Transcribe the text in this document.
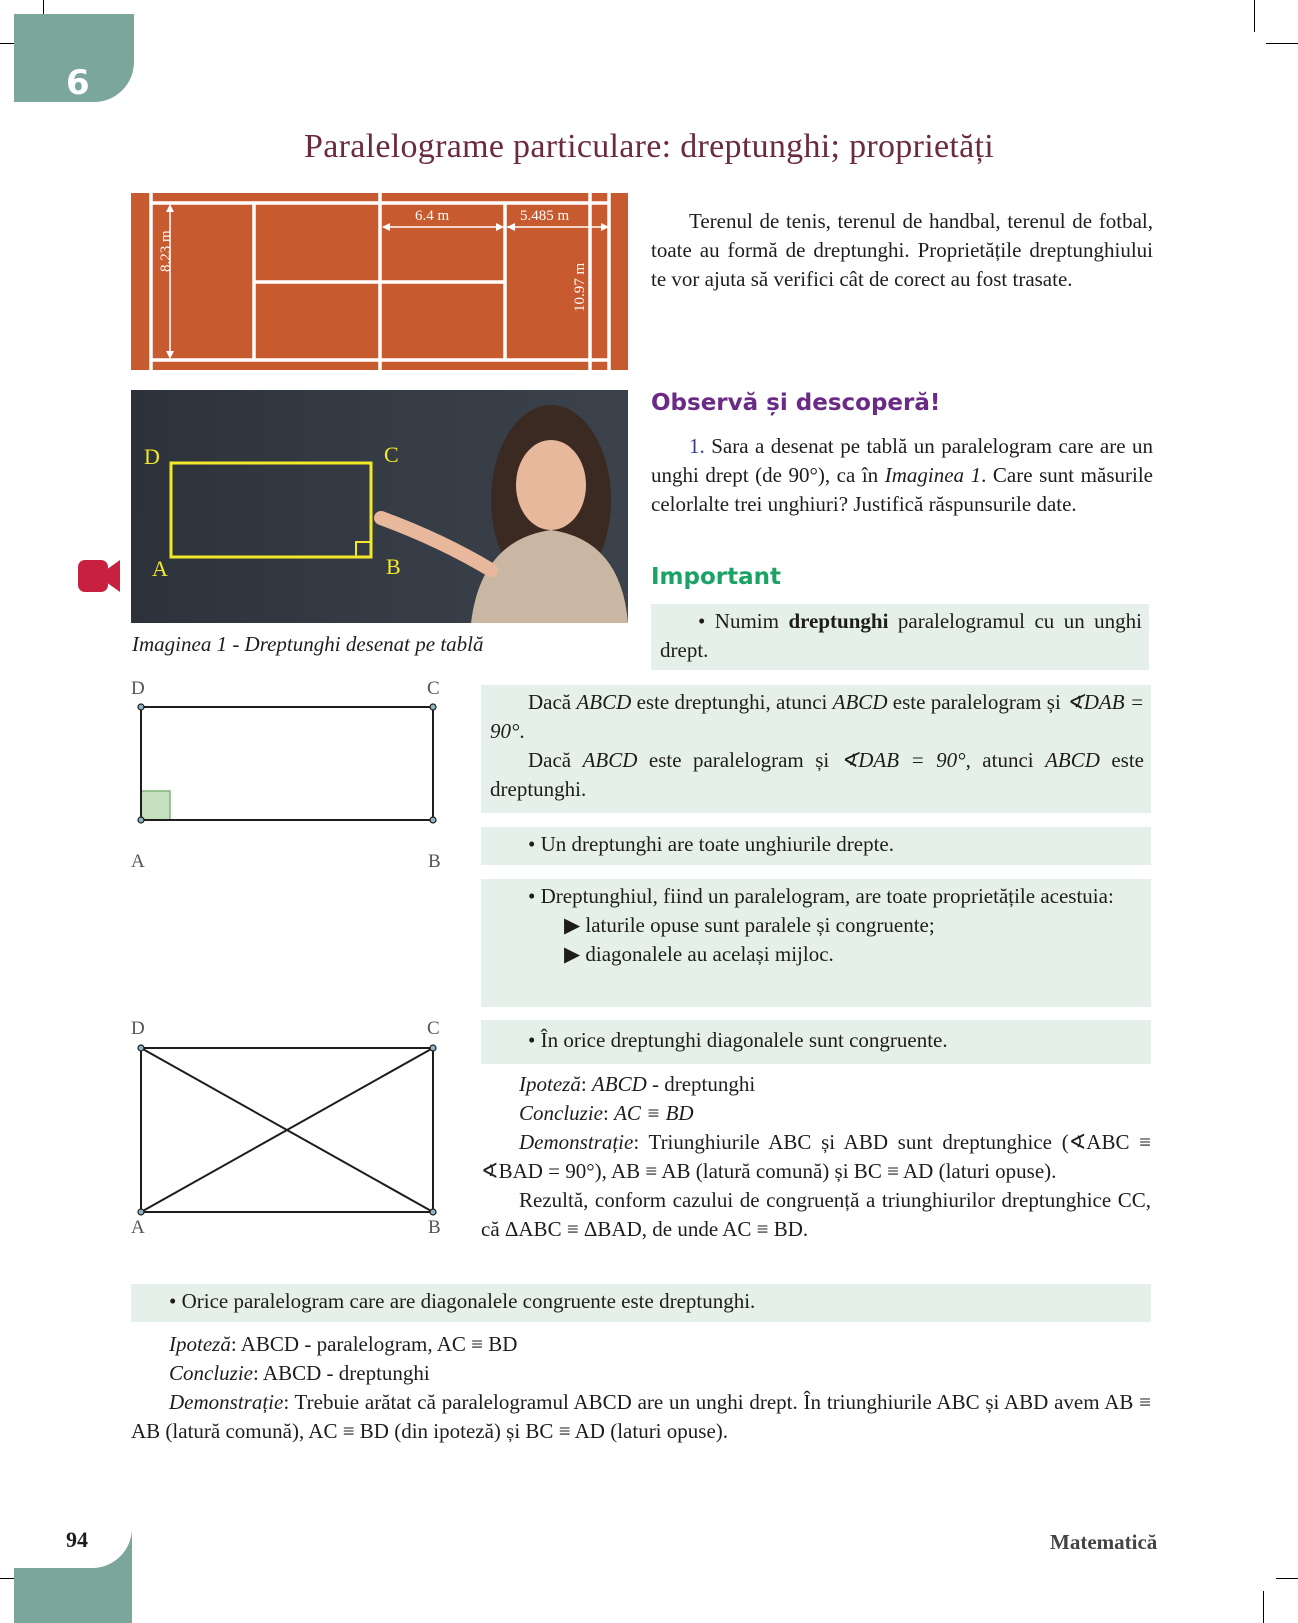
6
Paralelograme particulare: dreptunghi; proprietăți
6.4 m	5.485 m
8.23 m
10.97 m
Terenul de tenis, terenul de handbal, terenul de fotbal, toate au formă de dreptunghi. Proprietățile dreptunghiului te vor ajuta să verifici cât de corect au fost trasate.
D	C
A	B
Imaginea 1 - Dreptunghi desenat pe tablă
Observă și descoperă!
1. Sara a desenat pe tablă un paralelogram care are un unghi drept (de 90°), ca în Imaginea 1. Care sunt măsurile celorlalte trei unghiuri? Justifică răspunsurile date.
Important
• Numim dreptunghi paralelogramul cu un unghi drept.
D	C
A	B
Dacă ABCD este dreptunghi, atunci ABCD este paralelogram și ∢DAB = 90°.
Dacă ABCD este paralelogram și ∢DAB = 90°, atunci ABCD este dreptunghi.
• Un dreptunghi are toate unghiurile drepte.
• Dreptunghiul, fiind un paralelogram, are toate proprietățile acestuia:
▶ laturile opuse sunt paralele și congruente;
▶ diagonalele au același mijloc.
D	C
A	B
• În orice dreptunghi diagonalele sunt congruente.
Ipoteză: ABCD - dreptunghi
Concluzie: AC ≡ BD
Demonstrație: Triunghiurile ABC și ABD sunt dreptunghice (∢ABC ≡ ∢BAD = 90°), AB ≡ AB (latură comună) și BC ≡ AD (laturi opuse).
Rezultă, conform cazului de congruență a triunghiurilor dreptunghice CC, că ΔABC ≡ ΔBAD, de unde AC ≡ BD.
• Orice paralelogram care are diagonalele congruente este dreptunghi.
Ipoteză: ABCD - paralelogram, AC ≡ BD
Concluzie: ABCD - dreptunghi
Demonstrație: Trebuie arătat că paralelogramul ABCD are un unghi drept. În triunghiurile ABC și ABD avem AB ≡ AB (latură comună), AC ≡ BD (din ipoteză) și BC ≡ AD (laturi opuse).
94	Matematică
